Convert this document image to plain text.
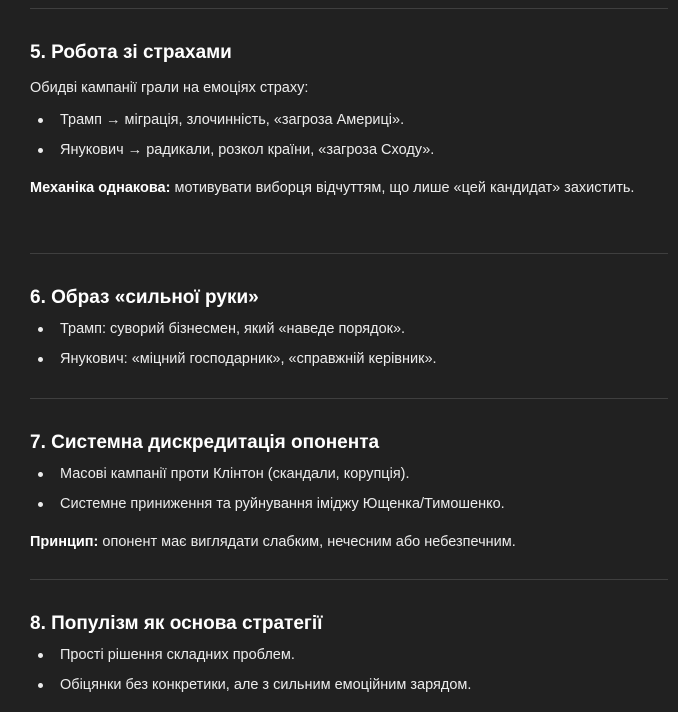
5. Робота зі страхами

Обидві кампанії грали на емоціях страху:

Трамп → міграція, злочинність, «загроза Америці».
Янукович → радикали, розкол країни, «загроза Сходу».

Механіка однакова: мотивувати виборця відчуттям, що лише «цей кандидат» захистить.

6. Образ «сильної руки»
Трамп: суворий бізнесмен, який «наведе порядок».
Янукович: «міцний господарник», «справжній керівник».
7. Системна дискредитація опонента
Масові кампанії проти Клінтон (скандали, корупція).
Системне приниження та руйнування іміджу Ющенка/Тимошенко.

Принцип: опонент має виглядати слабким, нечесним або небезпечним.

8. Популізм як основа стратегії
Прості рішення складних проблем.
Обіцянки без конкретики, але з сильним емоційним зарядом.
